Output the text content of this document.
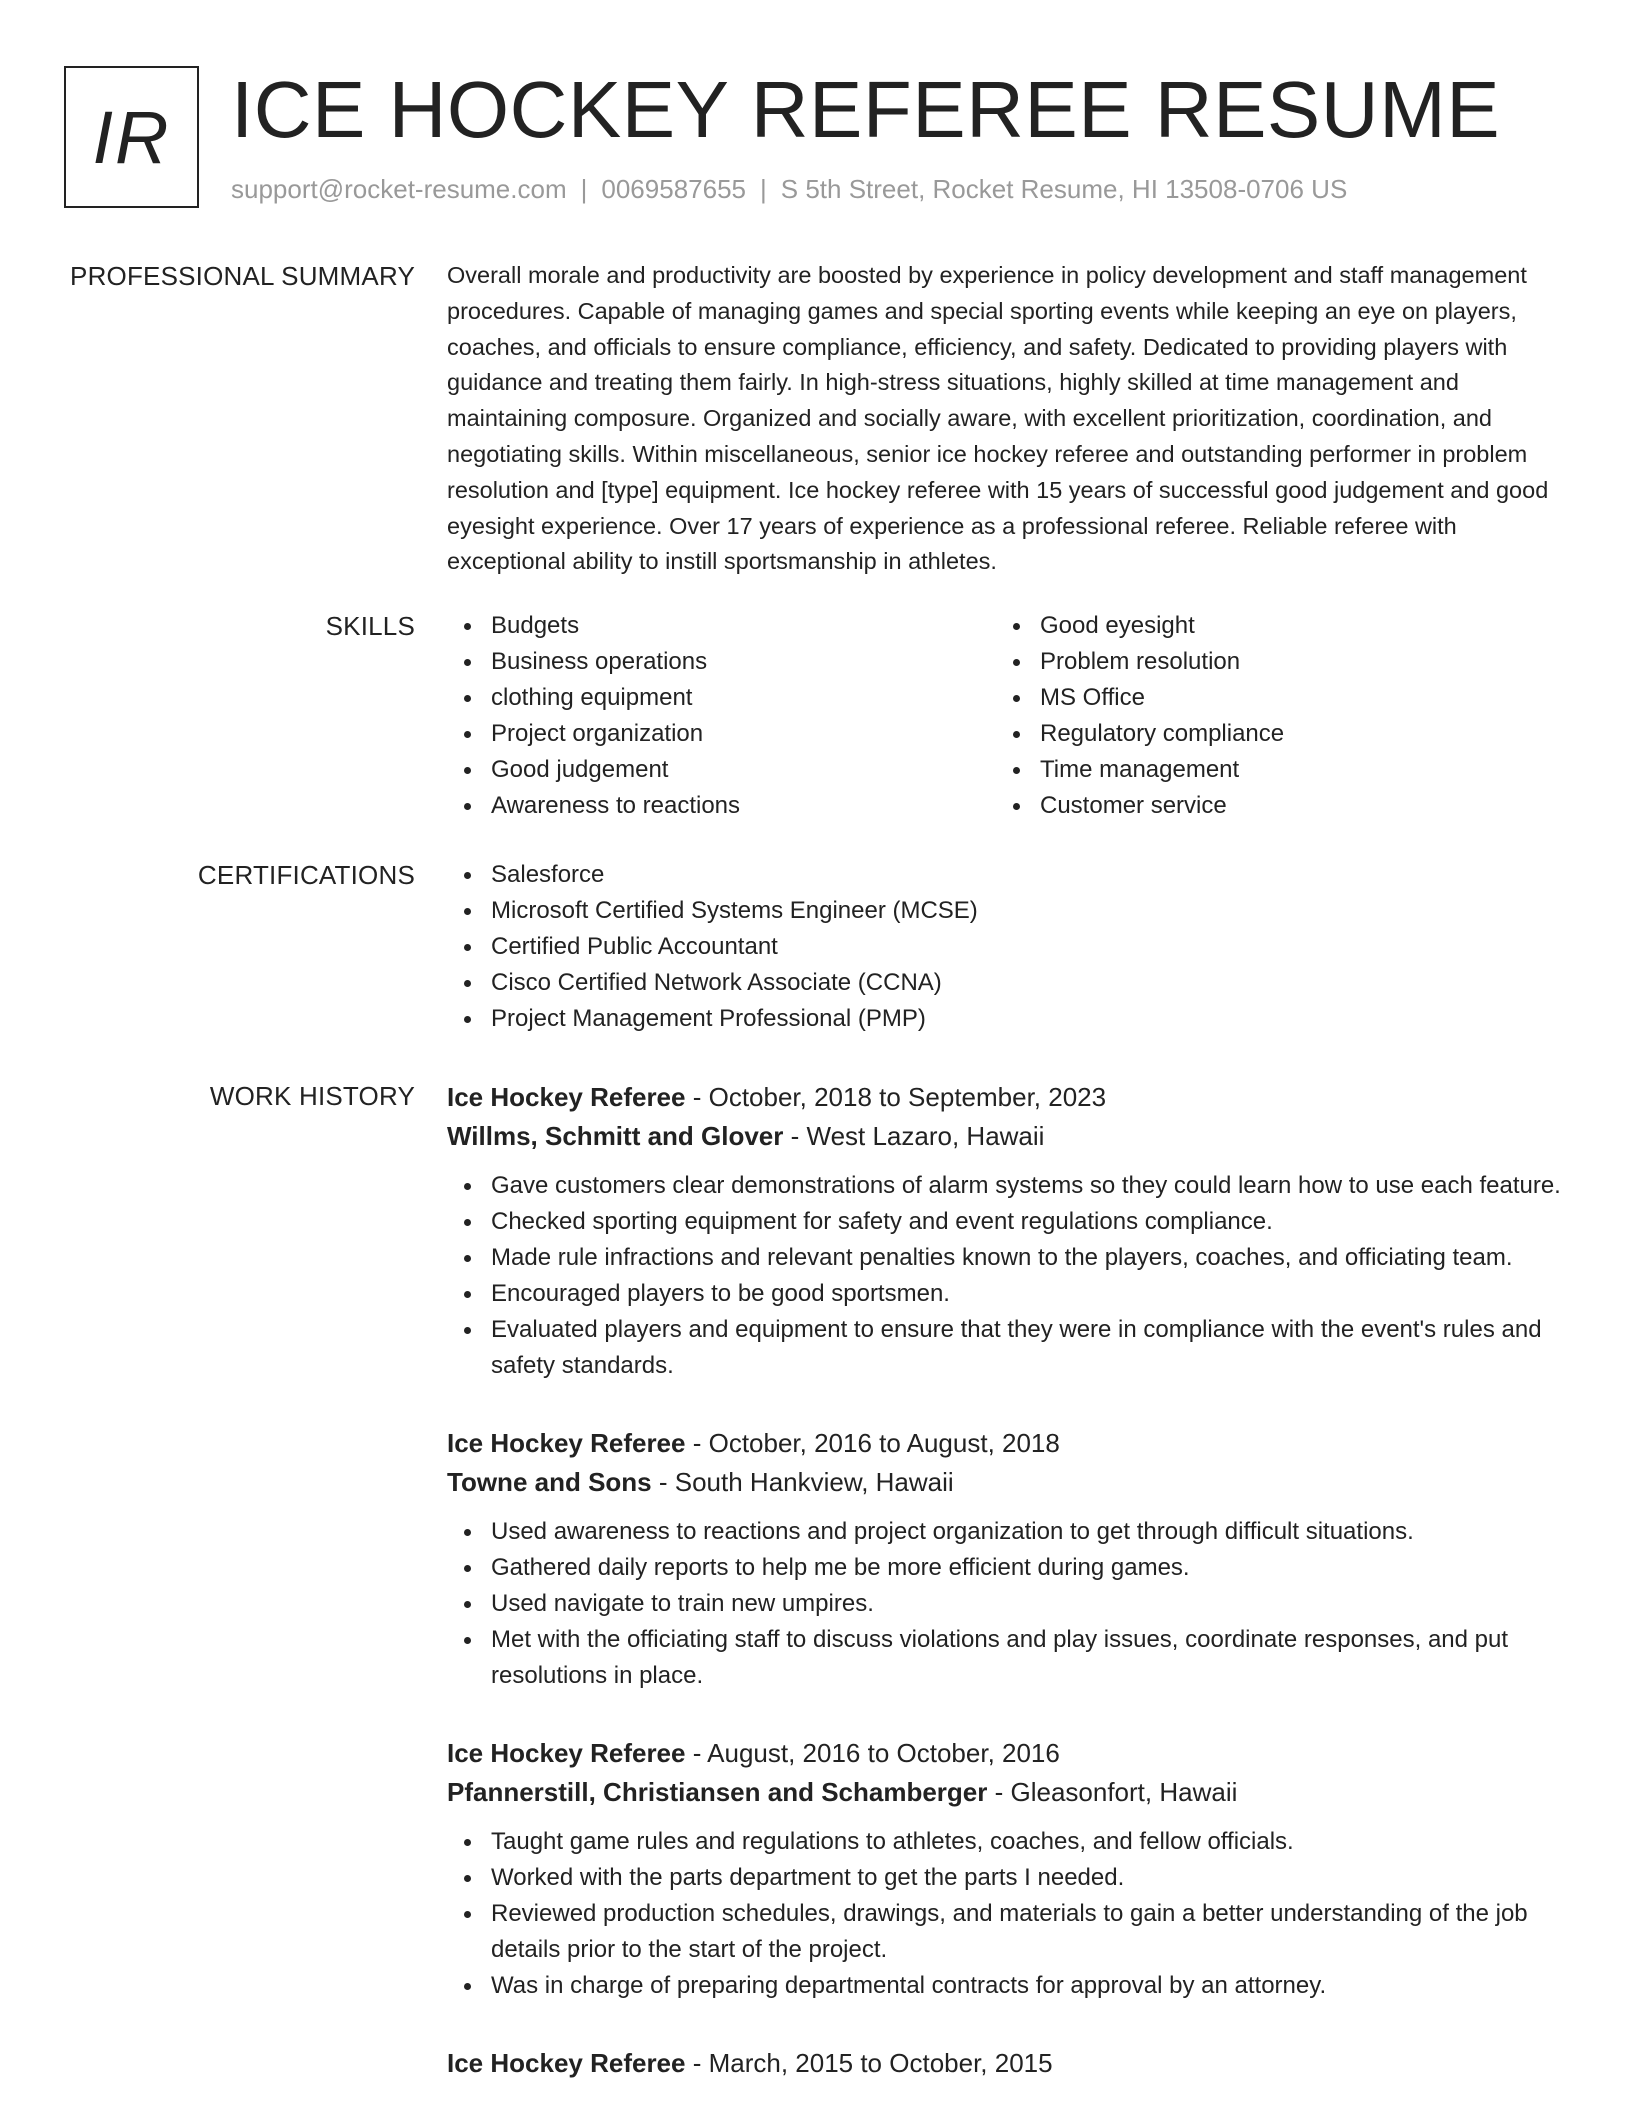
IR ICE HOCKEY REFEREE RESUME
support@rocket-resume.com | 0069587655 | S 5th Street, Rocket Resume, HI 13508-0706 US
PROFESSIONAL SUMMARY Overall morale and productivity are boosted by experience in policy development and staff management procedures. Capable of managing games and special sporting events while keeping an eye on players, coaches, and officials to ensure compliance, efficiency, and safety. Dedicated to providing players with guidance and treating them fairly. In high-stress situations, highly skilled at time management and maintaining composure. Organized and socially aware, with excellent prioritization, coordination, and negotiating skills. Within miscellaneous, senior ice hockey referee and outstanding performer in problem resolution and [type] equipment. Ice hockey referee with 15 years of successful good judgement and good eyesight experience. Over 17 years of experience as a professional referee. Reliable referee with exceptional ability to instill sportsmanship in athletes.
SKILLS	Budgets
Business operations
clothing equipment
Project organization
Good judgement
Awareness to reactions
Good eyesight
Problem resolution
MS Office
Regulatory compliance
Time management
Customer service
CERTIFICATIONS	Salesforce
Microsoft Certified Systems Engineer (MCSE)
Certified Public Accountant
Cisco Certified Network Associate (CCNA)
Project Management Professional (PMP)
WORK HISTORY Ice Hockey Referee - October, 2018 to September, 2023
Willms, Schmitt and Glover - West Lazaro, Hawaii
Gave customers clear demonstrations of alarm systems so they could learn how to use each feature.
Checked sporting equipment for safety and event regulations compliance.
Made rule infractions and relevant penalties known to the players, coaches, and officiating team.
Encouraged players to be good sportsmen.
Evaluated players and equipment to ensure that they were in compliance with the event's rules and safety standards.
Ice Hockey Referee - October, 2016 to August, 2018
Towne and Sons - South Hankview, Hawaii
Used awareness to reactions and project organization to get through difficult situations.
Gathered daily reports to help me be more efficient during games.
Used navigate to train new umpires.
Met with the officiating staff to discuss violations and play issues, coordinate responses, and put resolutions in place.
Ice Hockey Referee - August, 2016 to October, 2016
Pfannerstill, Christiansen and Schamberger - Gleasonfort, Hawaii
Taught game rules and regulations to athletes, coaches, and fellow officials.
Worked with the parts department to get the parts I needed.
Reviewed production schedules, drawings, and materials to gain a better understanding of the job details prior to the start of the project.
Was in charge of preparing departmental contracts for approval by an attorney.
Ice Hockey Referee - March, 2015 to October, 2015
